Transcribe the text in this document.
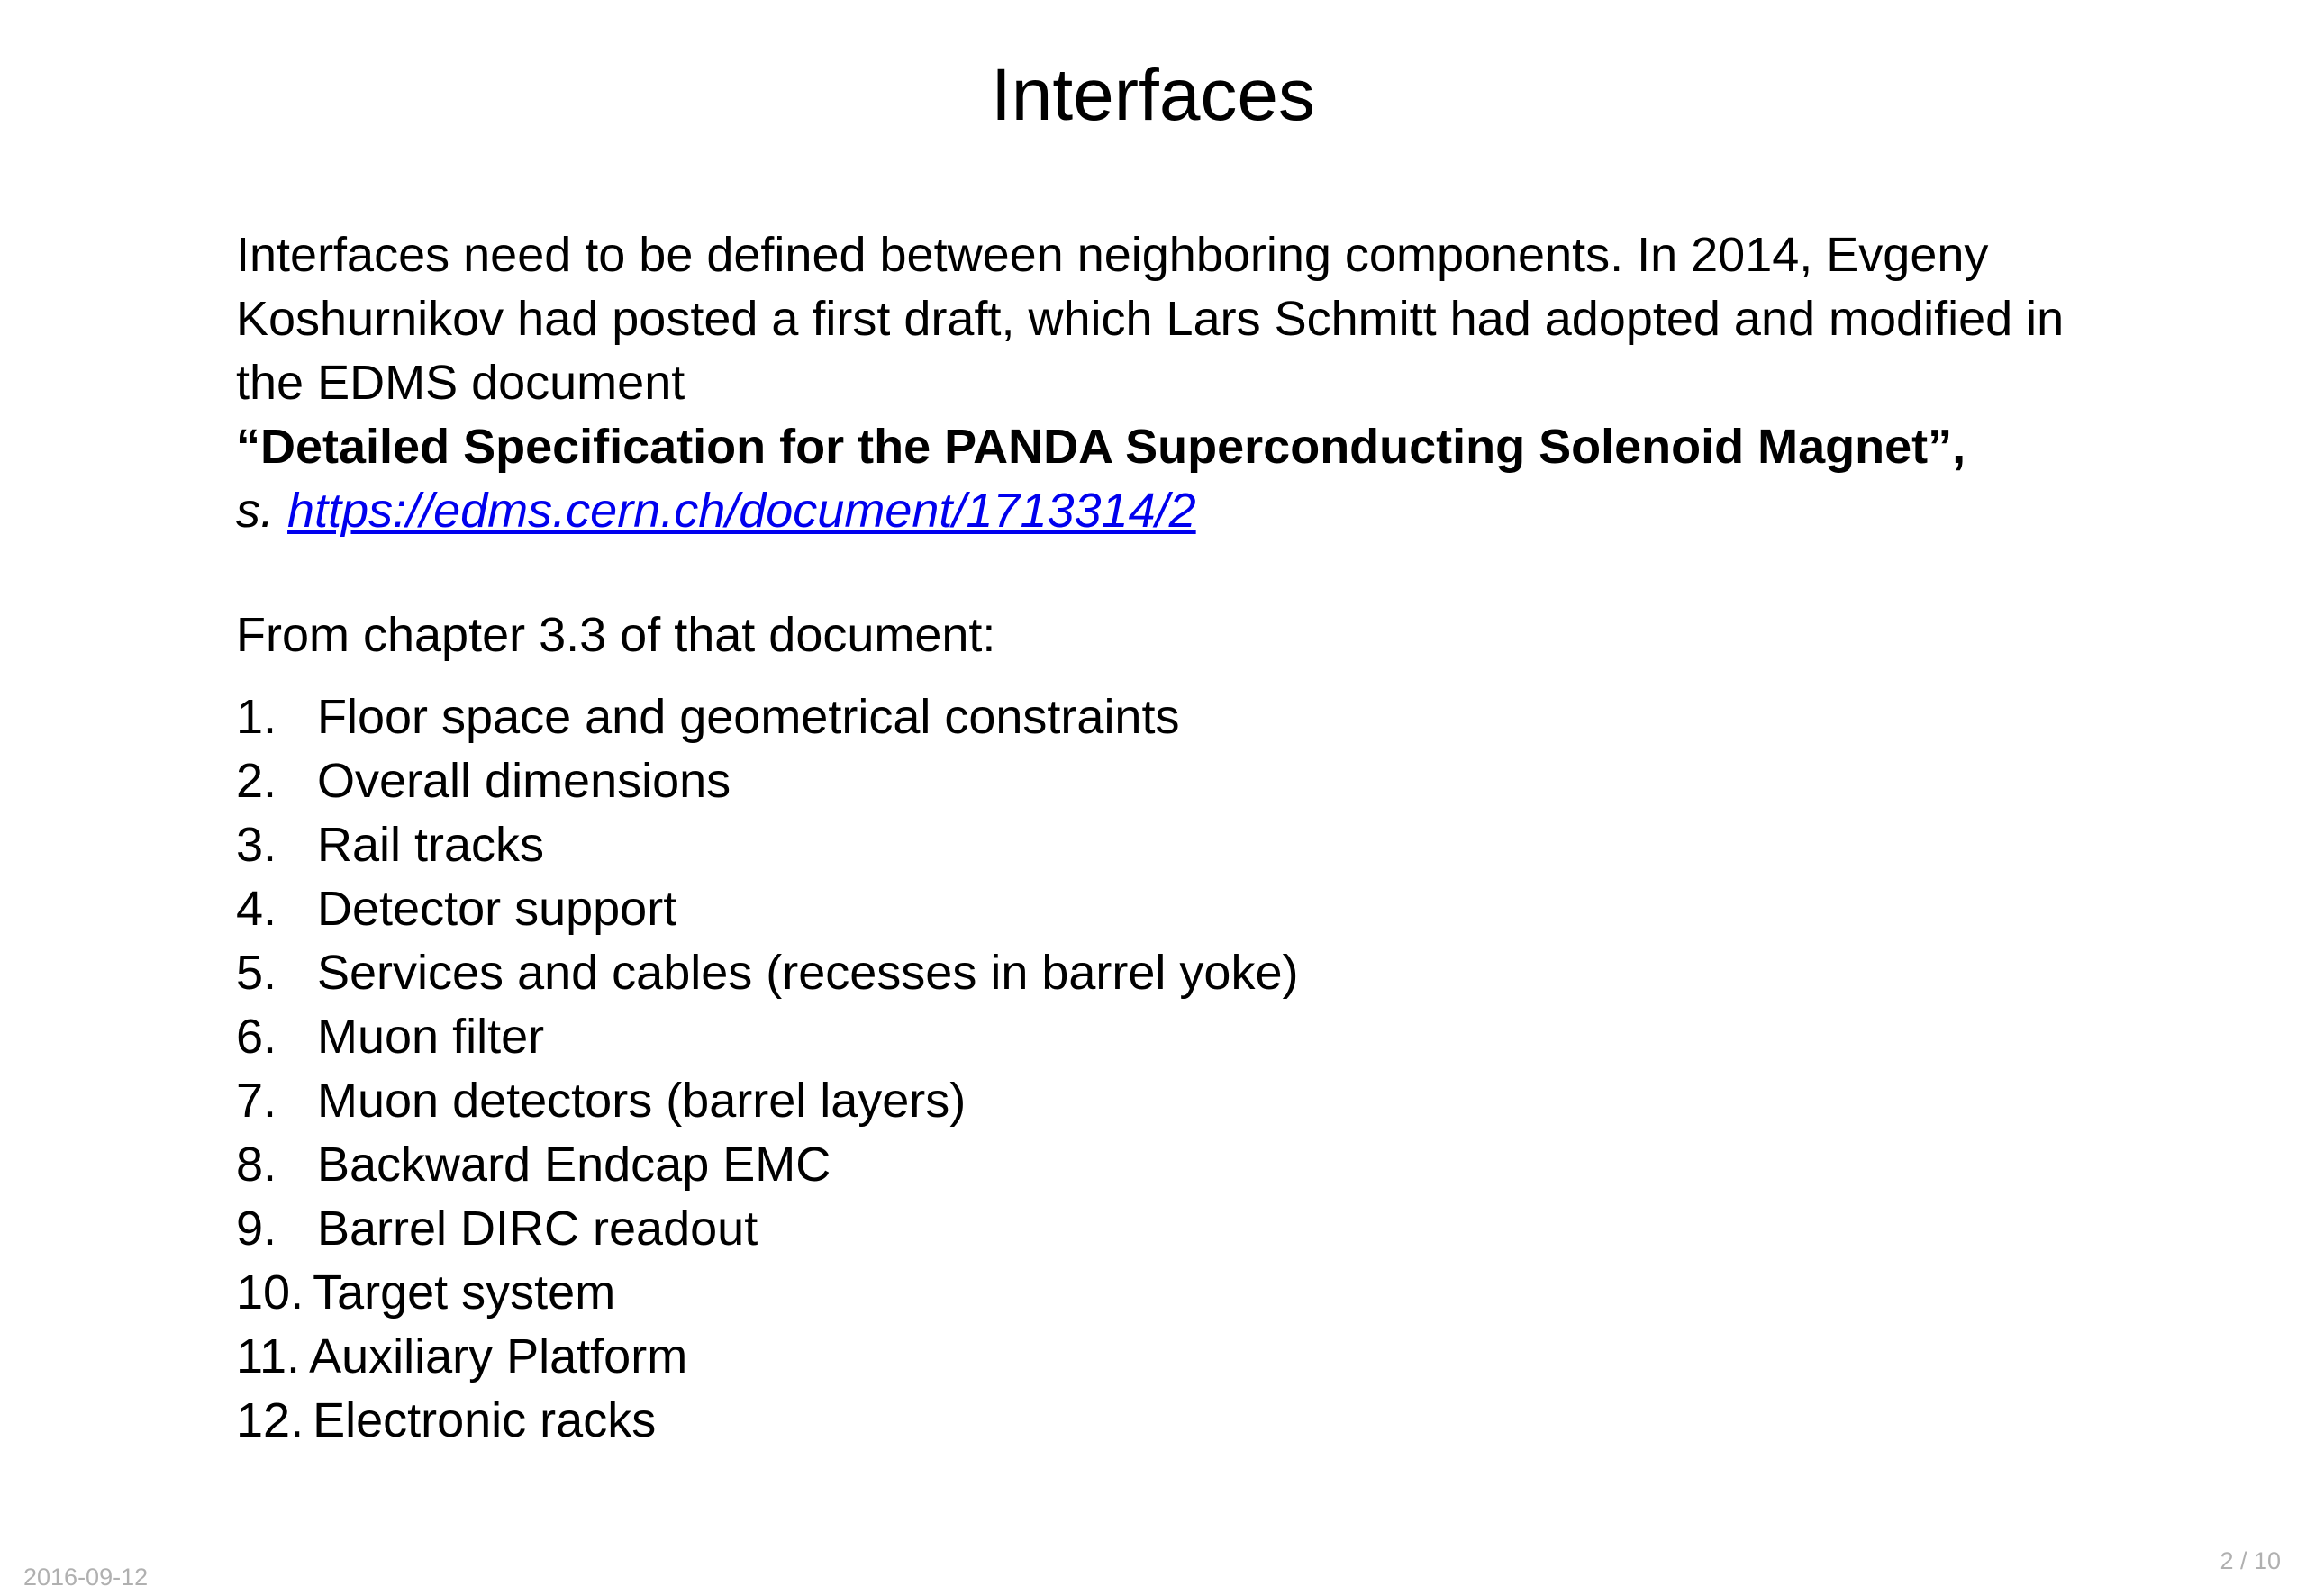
Interfaces

Interfaces need to be defined between neighboring components. In 2014, Evgeny Koshurnikov had posted a first draft, which Lars Schmitt had adopted and modified in the EDMS document

“Detailed Specification for the PANDA Superconducting Solenoid Magnet”,

s. https://edms.cern.ch/document/1713314/2

From chapter 3.3 of that document:

1. Floor space and geometrical constraints
2. Overall dimensions
3. Rail tracks
4. Detector support
5. Services and cables (recesses in barrel yoke)
6. Muon filter
7. Muon detectors (barrel layers)
8. Backward Endcap EMC
9. Barrel DIRC readout
10. Target system
11. Auxiliary Platform
12. Electronic racks
2016-09-12
2 / 10
